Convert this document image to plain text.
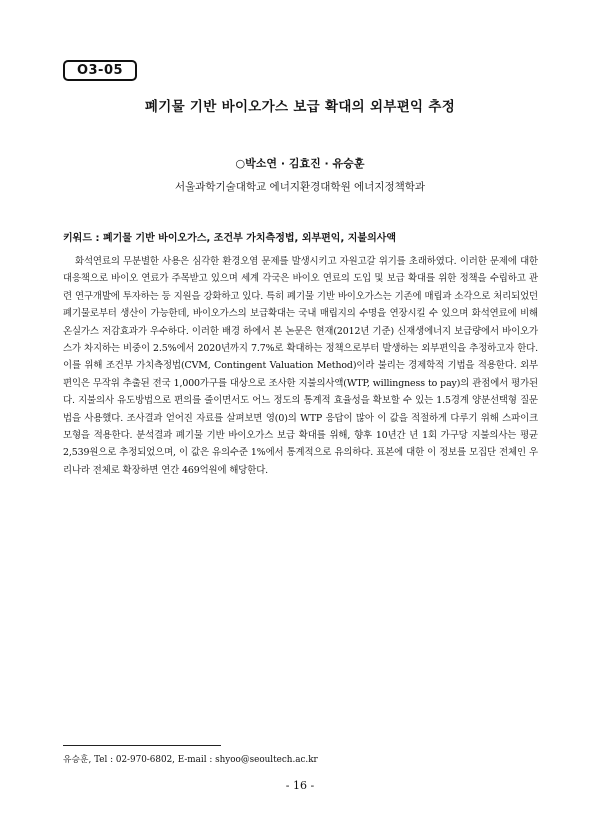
O3-05
폐기물 기반 바이오가스 보급 확대의 외부편익 추정
○박소연 · 김효진 · 유승훈
서울과학기술대학교 에너지환경대학원 에너지정책학과
키워드 : 폐기물 기반 바이오가스, 조건부 가치측정법, 외부편익, 지불의사액

화석연료의 무분별한 사용은 심각한 환경오염 문제를 발생시키고 자원고갈 위기를 초래하였다. 이러한 문제에 대한 대응책으로 바이오 연료가 주목받고 있으며 세계 각국은 바이오 연료의 도입 및 보급 확대를 위한 정책을 수립하고 관련 연구개발에 투자하는 등 지원을 강화하고 있다. 특히 폐기물 기반 바이오가스는 기존에 매립과 소각으로 처리되었던 폐기물로부터 생산이 가능한데, 바이오가스의 보급확대는 국내 매립지의 수명을 연장시킬 수 있으며 화석연료에 비해 온실가스 저감효과가 우수하다. 이러한 배경 하에서 본 논문은 현재(2012년 기준) 신재생에너지 보급량에서 바이오가스가 차지하는 비중이 2.5%에서 2020년까지 7.7%로 확대하는 정책으로부터 발생하는 외부편익을 추정하고자 한다. 이를 위해 조건부 가치측정법(CVM, Contingent Valuation Method)이라 불리는 경제학적 기법을 적용한다. 외부편익은 무작위 추출된 전국 1,000가구를 대상으로 조사한 지불의사액(WTP, willingness to pay)의 관점에서 평가된다. 지불의사 유도방법으로 편의를 줄이면서도 어느 정도의 통계적 효율성을 확보할 수 있는 1.5경계 양분선택형 질문법을 사용했다. 조사결과 얻어진 자료를 살펴보면 영(0)의 WTP 응답이 많아 이 값을 적절하게 다루기 위해 스파이크 모형을 적용한다. 분석결과 폐기물 기반 바이오가스 보급 확대를 위해, 향후 10년간 년 1회 가구당 지불의사는 평균 2,539원으로 추정되었으며, 이 값은 유의수준 1%에서 통계적으로 유의하다. 표본에 대한 이 정보를 모집단 전체인 우리나라 전체로 확장하면 연간 469억원에 해당한다.

유승훈, Tel : 02-970-6802, E-mail : shyoo@seoultech.ac.kr
- 16 -
